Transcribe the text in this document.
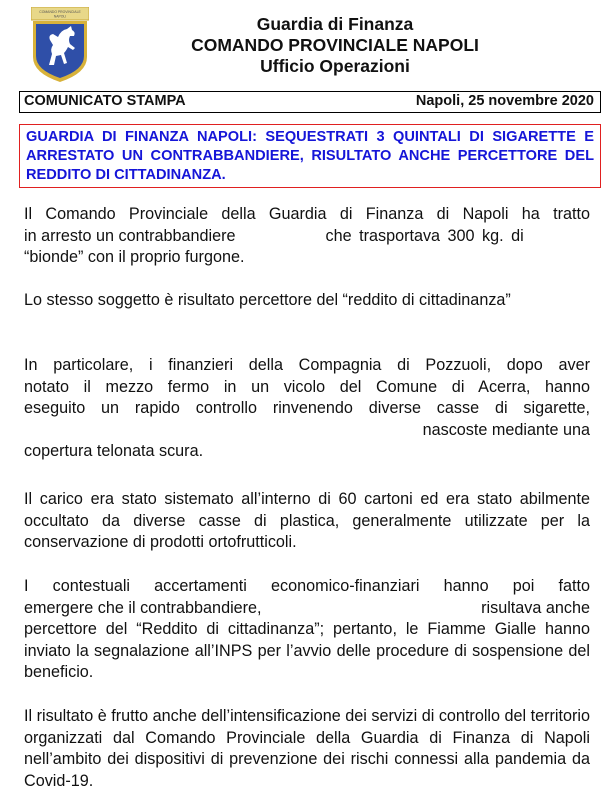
COMANDO PROVINCIALE
NAPOLI	Guardia di Finanza
COMANDO PROVINCIALE NAPOLI
Ufficio Operazioni
COMUNICATO STAMPA	Napoli, 25 novembre 2020
GUARDIA DI FINANZA NAPOLI: SEQUESTRATI 3 QUINTALI DI SIGARETTE E ARRESTATO UN CONTRABBANDIERE, RISULTATO ANCHE PERCETTORE DEL REDDITO DI CITTADINANZA.
Il Comando Provinciale della Guardia di Finanza di Napoli ha tratto
in arresto un contrabbandiere	che trasportava 300 kg. di
“bionde” con il proprio furgone.
Lo stesso soggetto è risultato percettore del “reddito di cittadinanza”
In particolare, i finanzieri della Compagnia di Pozzuoli, dopo aver
notato il mezzo fermo in un vicolo del Comune di Acerra, hanno
eseguito un rapido controllo rinvenendo diverse casse di sigarette,
nascoste mediante una
copertura telonata scura.
Il carico era stato sistemato all’interno di 60 cartoni ed era stato abilmente occultato da diverse casse di plastica, generalmente utilizzate per la conservazione di prodotti ortofrutticoli.
I contestuali accertamenti economico-finanziari hanno poi fatto
emergere che il contrabbandiere,	risultava anche
percettore del “Reddito di cittadinanza”; pertanto, le Fiamme Gialle hanno inviato la segnalazione all’INPS per l’avvio delle procedure di sospensione del beneficio.
Il risultato è frutto anche dell’intensificazione dei servizi di controllo del territorio organizzati dal Comando Provinciale della Guardia di Finanza di Napoli nell’ambito dei dispositivi di prevenzione dei rischi connessi alla pandemia da Covid-19.
